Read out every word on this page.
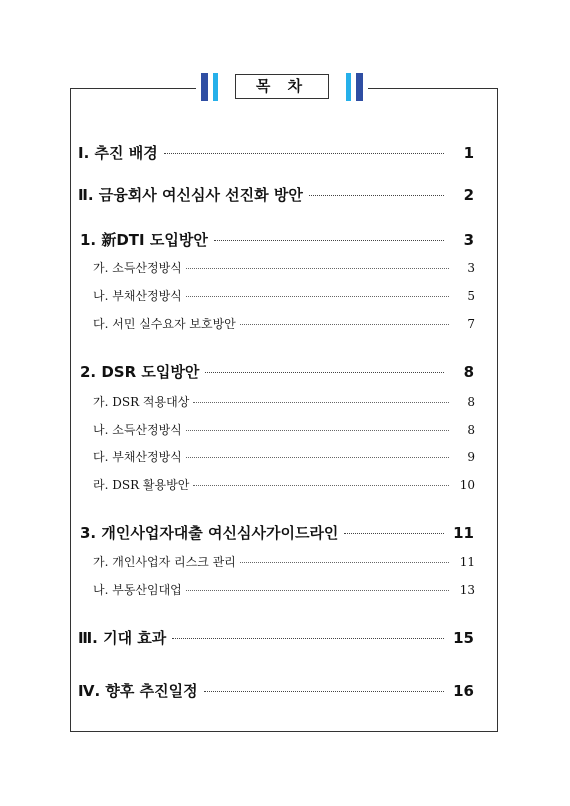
목 차
Ⅰ. 추진 배경	1
Ⅱ. 금융회사 여신심사 선진화 방안	2
1. 新DTI 도입방안	3
가. 소득산정방식	3
나. 부채산정방식	5
다. 서민 실수요자 보호방안	7
2. DSR 도입방안	8
가. DSR 적용대상	8
나. 소득산정방식	8
다. 부채산정방식	9
라. DSR 활용방안	10
3. 개인사업자대출 여신심사가이드라인	11
가. 개인사업자 리스크 관리	11
나. 부동산임대업	13
Ⅲ. 기대 효과	15
Ⅳ. 향후 추진일정	16
